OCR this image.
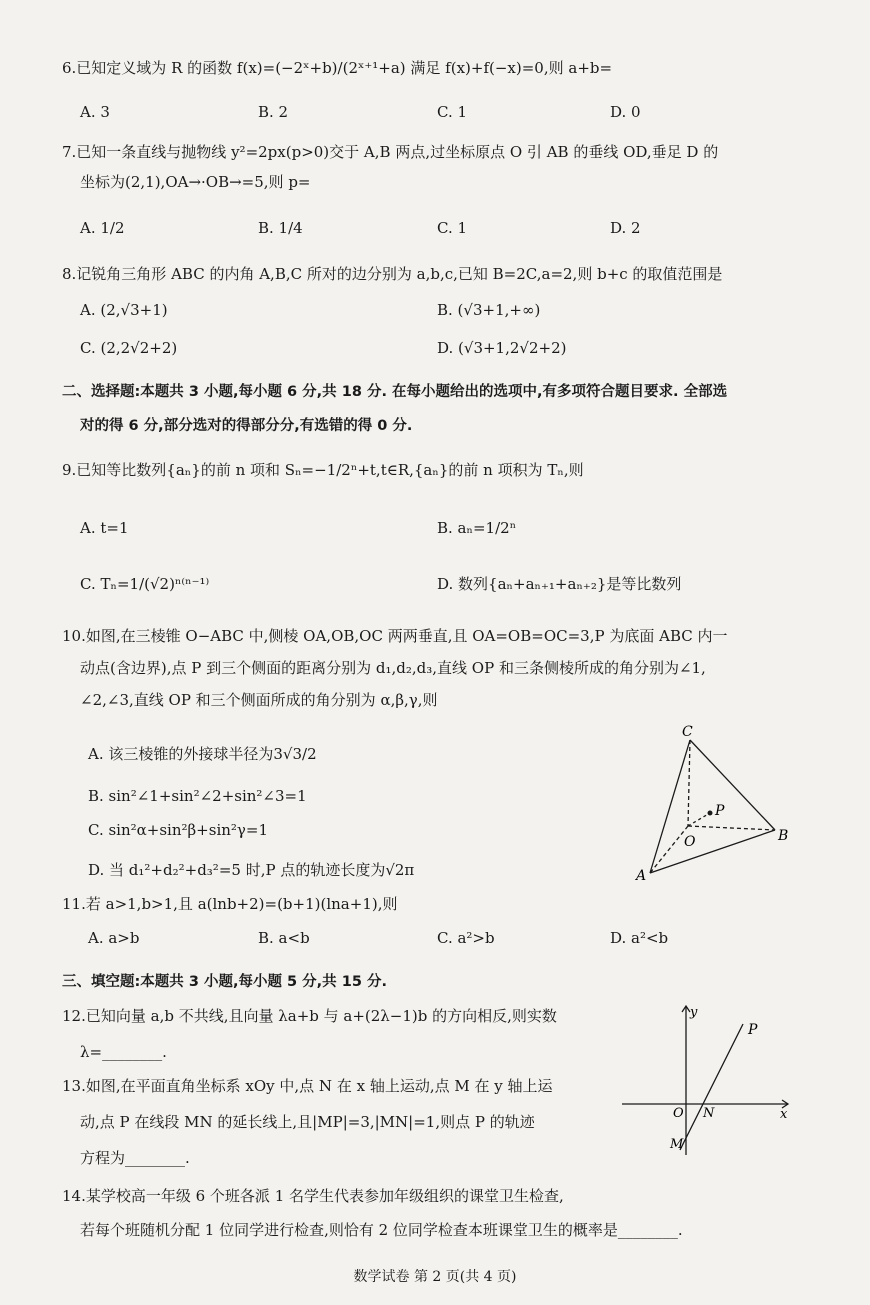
6.已知定义域为 R 的函数 f(x)=(−2ˣ+b)/(2ˣ⁺¹+a) 满足 f(x)+f(−x)=0,则 a+b=
A. 3	B. 2	C. 1	D. 0
7.已知一条直线与抛物线 y²=2px(p>0)交于 A,B 两点,过坐标原点 O 引 AB 的垂线 OD,垂足 D 的
坐标为(2,1),OA→·OB→=5,则 p=
A. 1/2	B. 1/4	C. 1	D. 2
8.记锐角三角形 ABC 的内角 A,B,C 所对的边分别为 a,b,c,已知 B=2C,a=2,则 b+c 的取值范围是
A. (2,√3+1)	B. (√3+1,+∞)
C. (2,2√2+2)	D. (√3+1,2√2+2)
二、选择题:本题共 3 小题,每小题 6 分,共 18 分. 在每小题给出的选项中,有多项符合题目要求. 全部选
对的得 6 分,部分选对的得部分分,有选错的得 0 分.
9.已知等比数列{aₙ}的前 n 项和 Sₙ=−1/2ⁿ+t,t∈R,{aₙ}的前 n 项积为 Tₙ,则
A. t=1	B. aₙ=1/2ⁿ
C. Tₙ=1/(√2)ⁿ⁽ⁿ⁻¹⁾	D. 数列{aₙ+aₙ₊₁+aₙ₊₂}是等比数列
10.如图,在三棱锥 O−ABC 中,侧棱 OA,OB,OC 两两垂直,且 OA=OB=OC=3,P 为底面 ABC 内一
动点(含边界),点 P 到三个侧面的距离分别为 d₁,d₂,d₃,直线 OP 和三条侧棱所成的角分别为∠1,
∠2,∠3,直线 OP 和三个侧面所成的角分别为 α,β,γ,则
A. 该三棱锥的外接球半径为3√3/2
B. sin²∠1+sin²∠2+sin²∠3=1
C. sin²α+sin²β+sin²γ=1
D. 当 d₁²+d₂²+d₃²=5 时,P 点的轨迹长度为√2π
C
P
O	B
A
11.若 a>1,b>1,且 a(lnb+2)=(b+1)(lna+1),则
A. a>b	B. a<b	C. a²>b	D. a²<b
三、填空题:本题共 3 小题,每小题 5 分,共 15 分.
12.已知向量 a,b 不共线,且向量 λa+b 与 a+(2λ−1)b 的方向相反,则实数
λ=________.
13.如图,在平面直角坐标系 xOy 中,点 N 在 x 轴上运动,点 M 在 y 轴上运
动,点 P 在线段 MN 的延长线上,且|MP|=3,|MN|=1,则点 P 的轨迹
方程为________.
y
P
O N	x
M
14.某学校高一年级 6 个班各派 1 名学生代表参加年级组织的课堂卫生检查,
若每个班随机分配 1 位同学进行检查,则恰有 2 位同学检查本班课堂卫生的概率是________.
数学试卷 第 2 页(共 4 页)
